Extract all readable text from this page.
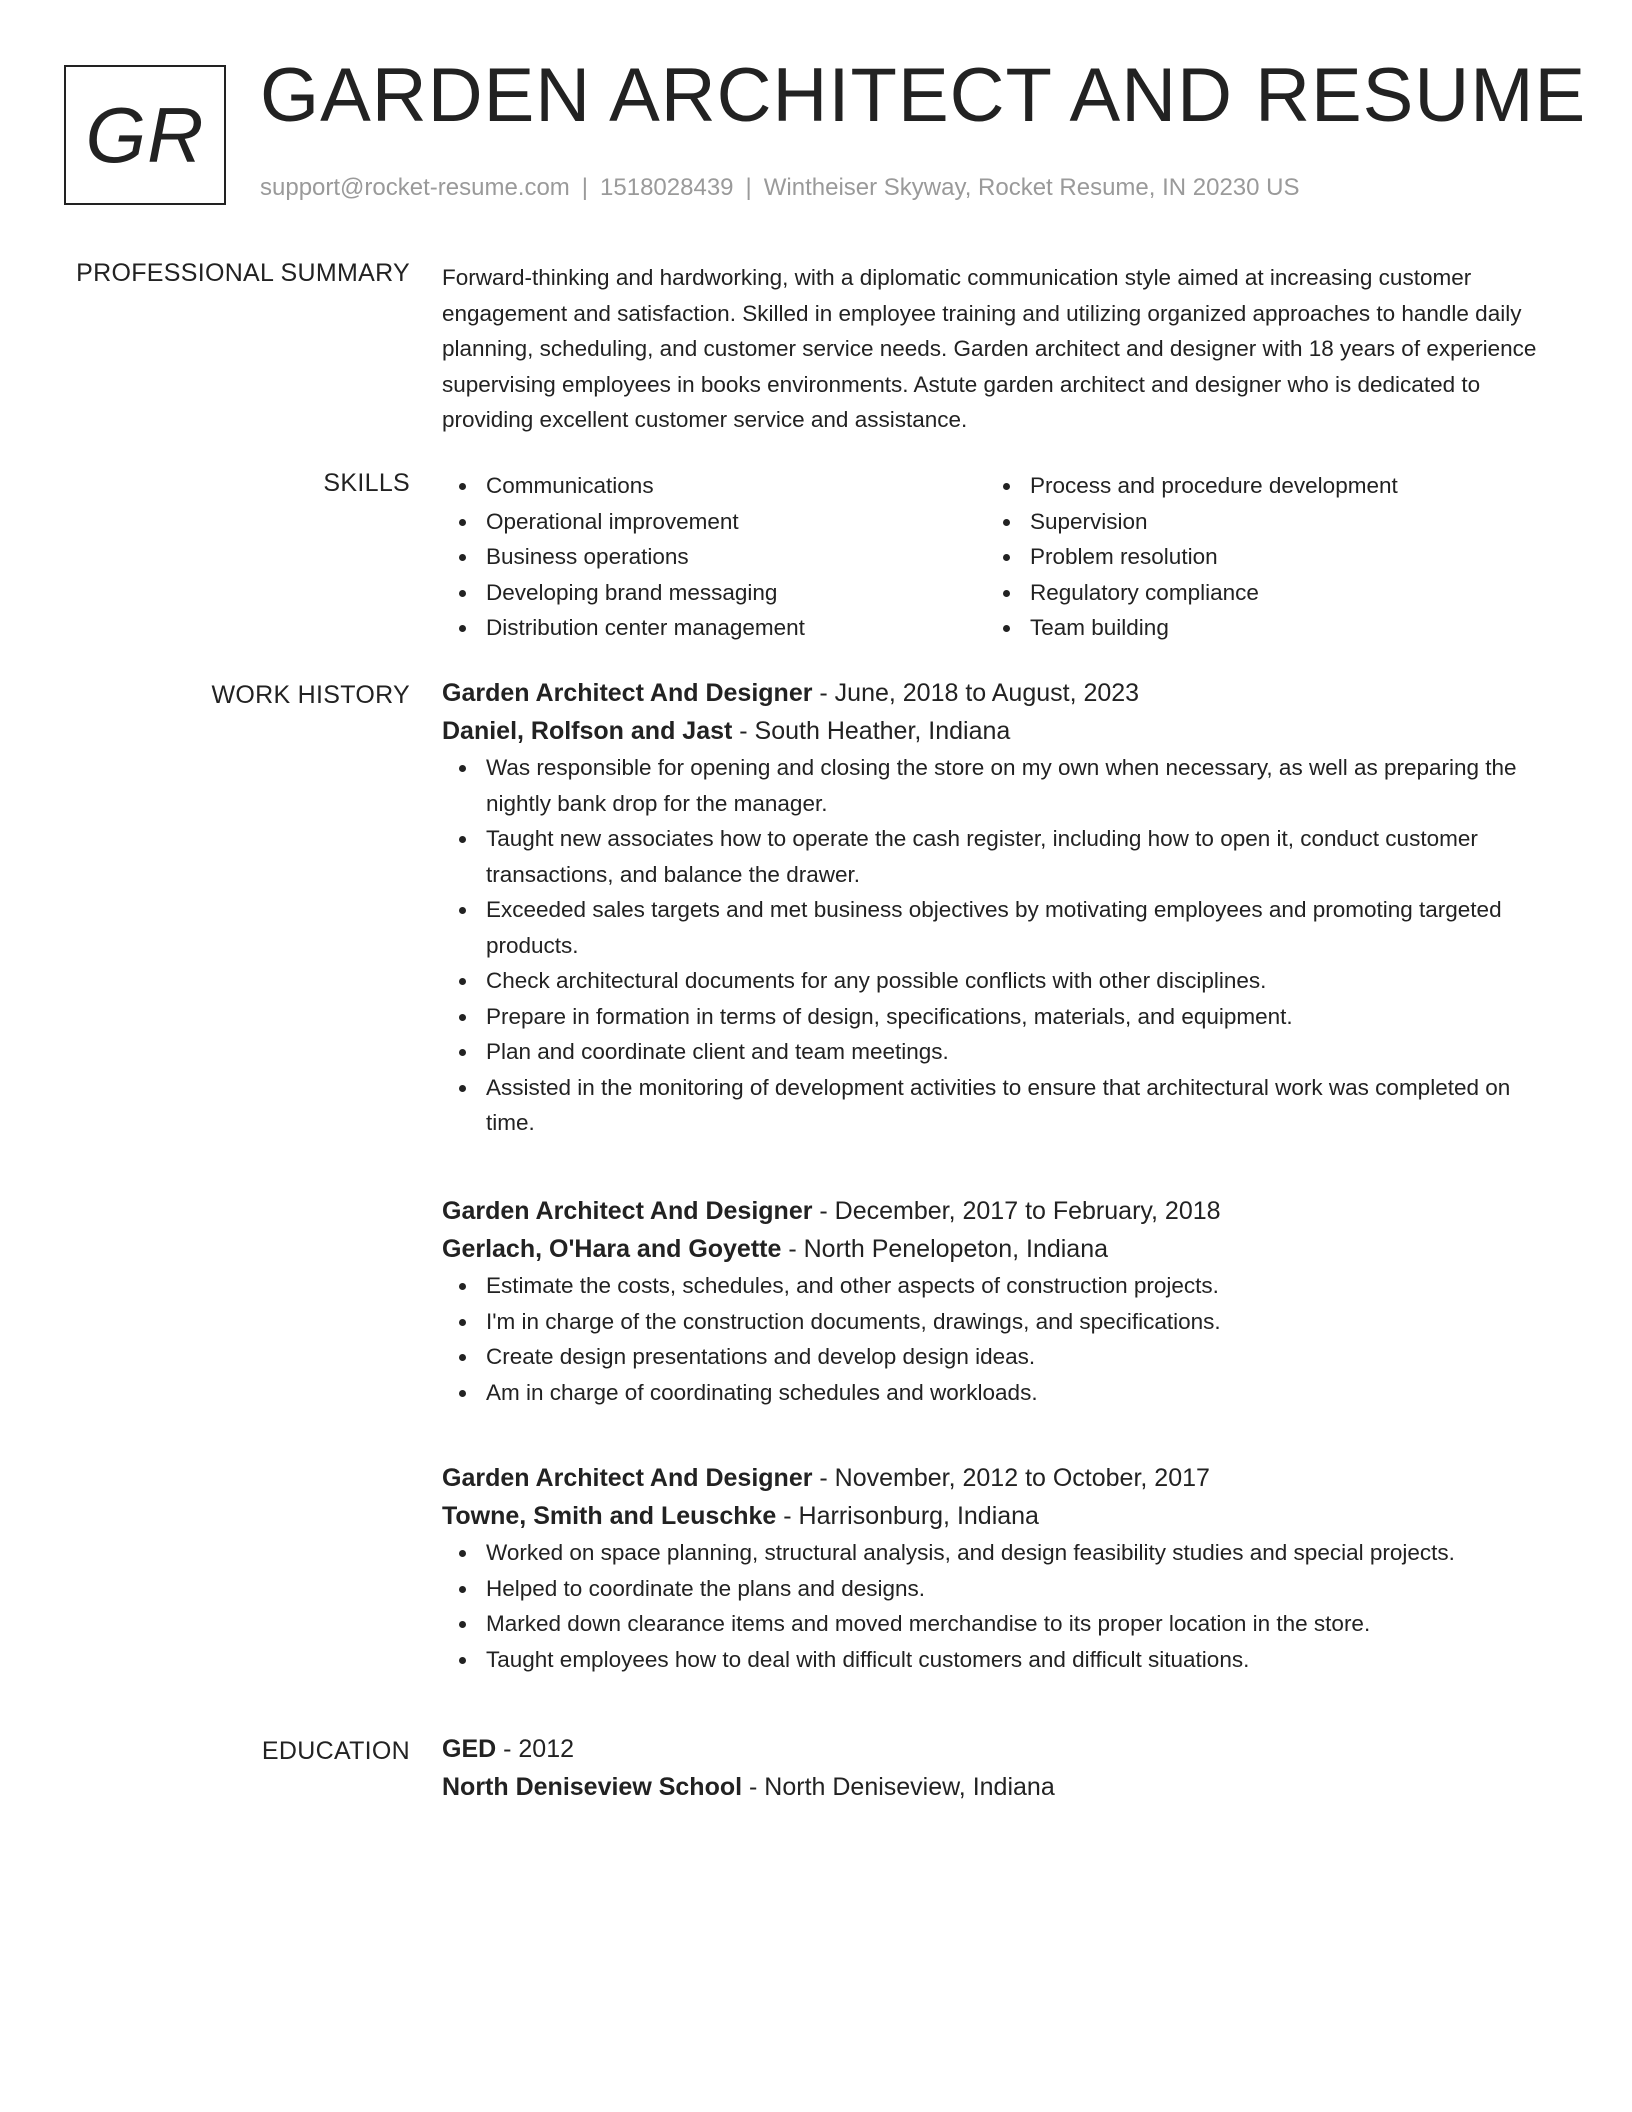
GR GARDEN ARCHITECT AND RESUME
support@rocket-resume.com | 1518028439 | Wintheiser Skyway, Rocket Resume, IN 20230 US
PROFESSIONAL SUMMARY Forward-thinking and hardworking, with a diplomatic communication style aimed at increasing customer engagement and satisfaction. Skilled in employee training and utilizing organized approaches to handle daily planning, scheduling, and customer service needs. Garden architect and designer with 18 years of experience supervising employees in books environments. Astute garden architect and designer who is dedicated to providing excellent customer service and assistance.

SKILLS	Communications
Operational improvement
Business operations
Developing brand messaging
Distribution center management
Process and procedure development
Supervision
Problem resolution
Regulatory compliance
Team building
WORK HISTORY Garden Architect And Designer - June, 2018 to August, 2023
Daniel, Rolfson and Jast - South Heather, Indiana
Was responsible for opening and closing the store on my own when necessary, as well as preparing the nightly bank drop for the manager.
Taught new associates how to operate the cash register, including how to open it, conduct customer transactions, and balance the drawer.
Exceeded sales targets and met business objectives by motivating employees and promoting targeted products.
Check architectural documents for any possible conflicts with other disciplines.
Prepare in formation in terms of design, specifications, materials, and equipment.
Plan and coordinate client and team meetings.
Assisted in the monitoring of development activities to ensure that architectural work was completed on time.
Garden Architect And Designer - December, 2017 to February, 2018
Gerlach, O'Hara and Goyette - North Penelopeton, Indiana
Estimate the costs, schedules, and other aspects of construction projects.
I'm in charge of the construction documents, drawings, and specifications.
Create design presentations and develop design ideas.
Am in charge of coordinating schedules and workloads.
Garden Architect And Designer - November, 2012 to October, 2017
Towne, Smith and Leuschke - Harrisonburg, Indiana
Worked on space planning, structural analysis, and design feasibility studies and special projects.
Helped to coordinate the plans and designs.
Marked down clearance items and moved merchandise to its proper location in the store.
Taught employees how to deal with difficult customers and difficult situations.
EDUCATION GED - 2012
North Deniseview School - North Deniseview, Indiana
